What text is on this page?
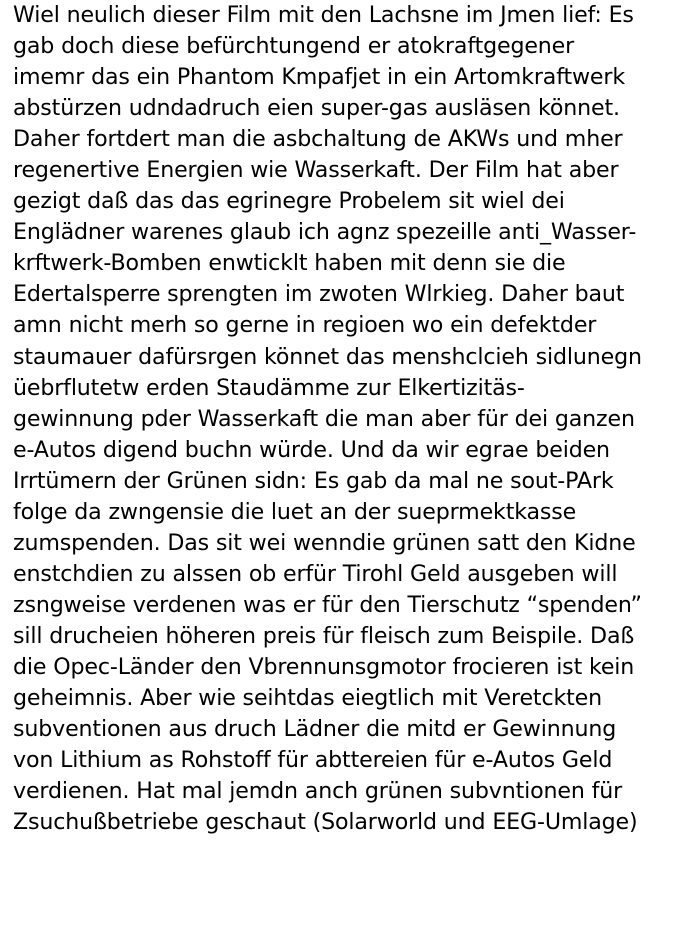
Wiel neulich dieser Film mit den Lachsne im Jmen lief: Es
gab doch diese befürchtungend er atokraftgegener
imemr das ein Phantom Kmpafjet in ein Artomkraftwerk
abstürzen udndadruch eien super-gas ausläsen könnet.
Daher fortdert man die asbchaltung de AKWs und mher
regenertive Energien wie Wasserkaft. Der Film hat aber
gezigt daß das das egrinegre Probelem sit wiel dei
Englädner warenes glaub ich agnz spezeille anti_Wasser-
krftwerk-Bomben enwticklt haben mit denn sie die
Edertalsperre sprengten im zwoten Wlrkieg. Daher baut
amn nicht merh so gerne in regioen wo ein defektder
staumauer dafürsrgen könnet das menshclcieh sidlunegn
üebrflutetw erden Staudämme zur Elkertizitäs-
gewinnung pder Wasserkaft die man aber für dei ganzen
e-Autos digend buchn würde. Und da wir egrae beiden
Irrtümern der Grünen sidn: Es gab da mal ne sout-PArk
folge da zwngensie die luet an der sueprmektkasse
zumspenden. Das sit wei wenndie grünen satt den Kidne
enstchdien zu alssen ob erfür Tirohl Geld ausgeben will
zsngweise verdenen was er für den Tierschutz “spenden”
sill drucheien höheren preis für fleisch zum Beispile. Daß
die Opec-Länder den Vbrennunsgmotor frocieren ist kein
geheimnis. Aber wie seihtdas eiegtlich mit Veretckten
subventionen aus druch Lädner die mitd er Gewinnung
von Lithium as Rohstoff für abttereien für e-Autos Geld
verdienen. Hat mal jemdn anch grünen subvntionen für
Zsuchußbetriebe geschaut (Solarworld und EEG-Umlage)
